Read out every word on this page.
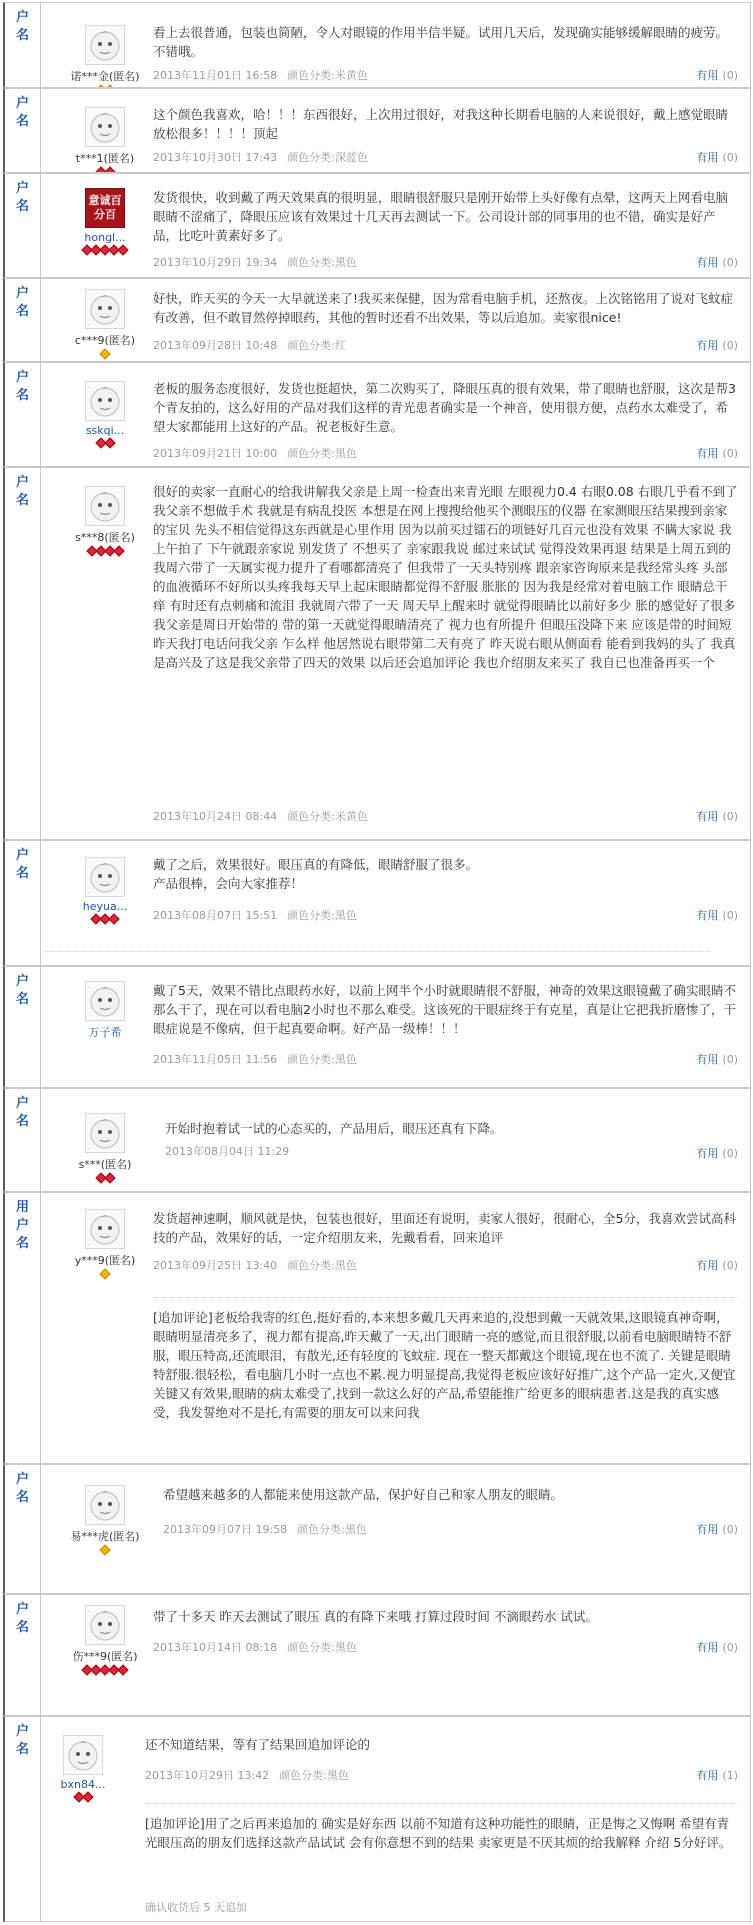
户
名
诺***金(匿名)
看上去很普通，包装也简陋，令人对眼镜的作用半信半疑。试用几天后，发现确实能够缓解眼睛的疲劳。不错哦。
2013年11月01日 16:58 颜色分类:米黄色	有用 (0)
户
名
t***1(匿名)
这个颜色我喜欢，哈！！！东西很好，上次用过很好，对我这种长期看电脑的人来说很好，戴上感觉眼睛放松很多！！！！顶起
2013年10月30日 17:43 颜色分类:深蓝色	有用 (0)
户
名	意诚百分百
hongl...
发货很快，收到戴了两天效果真的很明显，眼睛很舒服只是刚开始带上头好像有点晕，这两天上网看电脑眼睛不涩痛了，降眼压应该有效果过十几天再去测试一下。公司设计部的同事用的也不错，确实是好产品，比吃叶黄素好多了。
2013年10月29日 19:34 颜色分类:黑色	有用 (0)
户
名
c***9(匿名)
好快，昨天买的今天一大早就送来了!我买来保健，因为常看电脑手机，还熬夜。上次铭铭用了说对飞蚊症有改善，但不敢冒然停掉眼药，其他的暂时还看不出效果，等以后追加。卖家很nice!
2013年09月28日 10:48 颜色分类:红	有用 (0)
户
名
sskqi...
老板的服务态度很好，发货也挺超快，第二次购买了，降眼压真的很有效果，带了眼睛也舒服，这次是帮3个青友拍的，这么好用的产品对我们这样的青光患者确实是一个神音，使用很方便，点药水太难受了，希望大家都能用上这好的产品。祝老板好生意。
2013年09月21日 10:00 颜色分类:黑色	有用 (0)
户
名
s***8(匿名)
很好的卖家一直耐心的给我讲解我父亲是上周一检查出来青光眼 左眼视力0.4 右眼0.08 右眼几乎看不到了 我父亲不想做手术 我就是有病乱投医 本想是在网上搜搜给他买个测眼压的仪器 在家测眼压结果搜到亲家的宝贝 先头不相信觉得这东西就是心里作用 因为以前买过镭石的项链好几百元也没有效果 不瞒大家说 我上午拍了 下午就跟亲家说 别发货了 不想买了 亲家跟我说 邮过来试试 觉得没效果再退 结果是上周五到的 我周六带了一天属实视力提升了看哪都清亮了 但我带了一天头特别疼 跟亲家咨询原来是我经常头疼 头部的血液循环不好所以头疼我每天早上起床眼睛都觉得不舒服 胀胀的 因为我是经常对着电脑工作 眼睛总干 痒 有时还有点刺痛和流泪 我就周六带了一天 周天早上醒来时 就觉得眼睛比以前好多少 胀的感觉好了很多 我父亲是周日开始带的 带的第一天就觉得眼睛清亮了 视力也有所提升 但眼压没降下来 应该是带的时间短 昨天我打电话问我父亲 乍么样 他居然说右眼带第二天有亮了 昨天说右眼从侧面看 能看到我妈的头了 我真是高兴及了这是我父亲带了四天的效果 以后还会追加评论 我也介绍朋友来买了 我自已也准备再买一个
2013年10月24日 08:44 颜色分类:米黄色	有用 (0)
户
名
heyua...
戴了之后，效果很好。眼压真的有降低，眼睛舒服了很多。
产品很棒，会向大家推荐！
2013年08月07日 15:51 颜色分类:黑色	有用 (0)
户
名
万子希
戴了5天，效果不错比点眼药水好，以前上网半个小时就眼睛很不舒服，神奇的效果这眼镜戴了确实眼睛不那么干了，现在可以看电脑2小时也不那么难受。这该死的干眼症终于有克星，真是让它把我折磨惨了，干眼症说是不像病，但干起真要命啊。好产品一级棒！！！
2013年11月05日 11:56 颜色分类:黑色	有用 (0)
户
名
s***(匿名)
开始时抱着试一试的心态买的，产品用后，眼压还真有下降。
2013年08月04日 11:29	有用 (0)
用
户
名
y***9(匿名)
发货超神速啊，顺风就是快，包装也很好，里面还有说明，卖家人很好，很耐心，全5分，我喜欢尝试高科技的产品，效果好的话，一定介绍朋友来，先戴看看，回来追评
2013年09月25日 13:40 颜色分类:黑色	有用 (0)
[追加评论]老板给我寄的红色,挺好看的,本来想多戴几天再来追的,没想到戴一天就效果,这眼镜真神奇啊，眼睛明显清亮多了，视力都有提高,昨天戴了一天,出门眼睛一亮的感觉,而且很舒服,以前看电脑眼睛特不舒服，眼压特高,还流眼泪，有散光,还有轻度的飞蚊症. 现在一整天都戴这个眼镜,现在也不流了. 关键是眼睛特舒服.很轻松，看电脑几小时一点也不累.视力明显提高,我觉得老板应该好好推广,这个产品一定火,又便宜关键又有效果,眼睛的病太难受了,找到一款这么好的产品,希望能推广给更多的眼病患者.这是我的真实感受，我发誓绝对不是托,有需要的朋友可以来问我
户
名
易***虎(匿名)
希望越来越多的人都能来使用这款产品，保护好自己和家人朋友的眼睛。
2013年09月07日 19:58 颜色分类:黑色	有用 (0)
户
名
伤***9(匿名)
带了十多天 昨天去测试了眼压 真的有降下来哦 打算过段时间 不滴眼药水 试试。
2013年10月14日 08:18 颜色分类:黑色	有用 (0)
户
名
bxn84...
还不知道结果，等有了结果回追加评论的
2013年10月29日 13:42 颜色分类:黑色	有用 (1)
[追加评论]用了之后再来追加的 确实是好东西 以前不知道有这种功能性的眼睛，正是悔之又悔啊 希望有青光眼压高的朋友们选择这款产品试试 会有你意想不到的结果 卖家更是不厌其烦的给我解释 介绍 5分好评。
确认收货后 5 天追加
